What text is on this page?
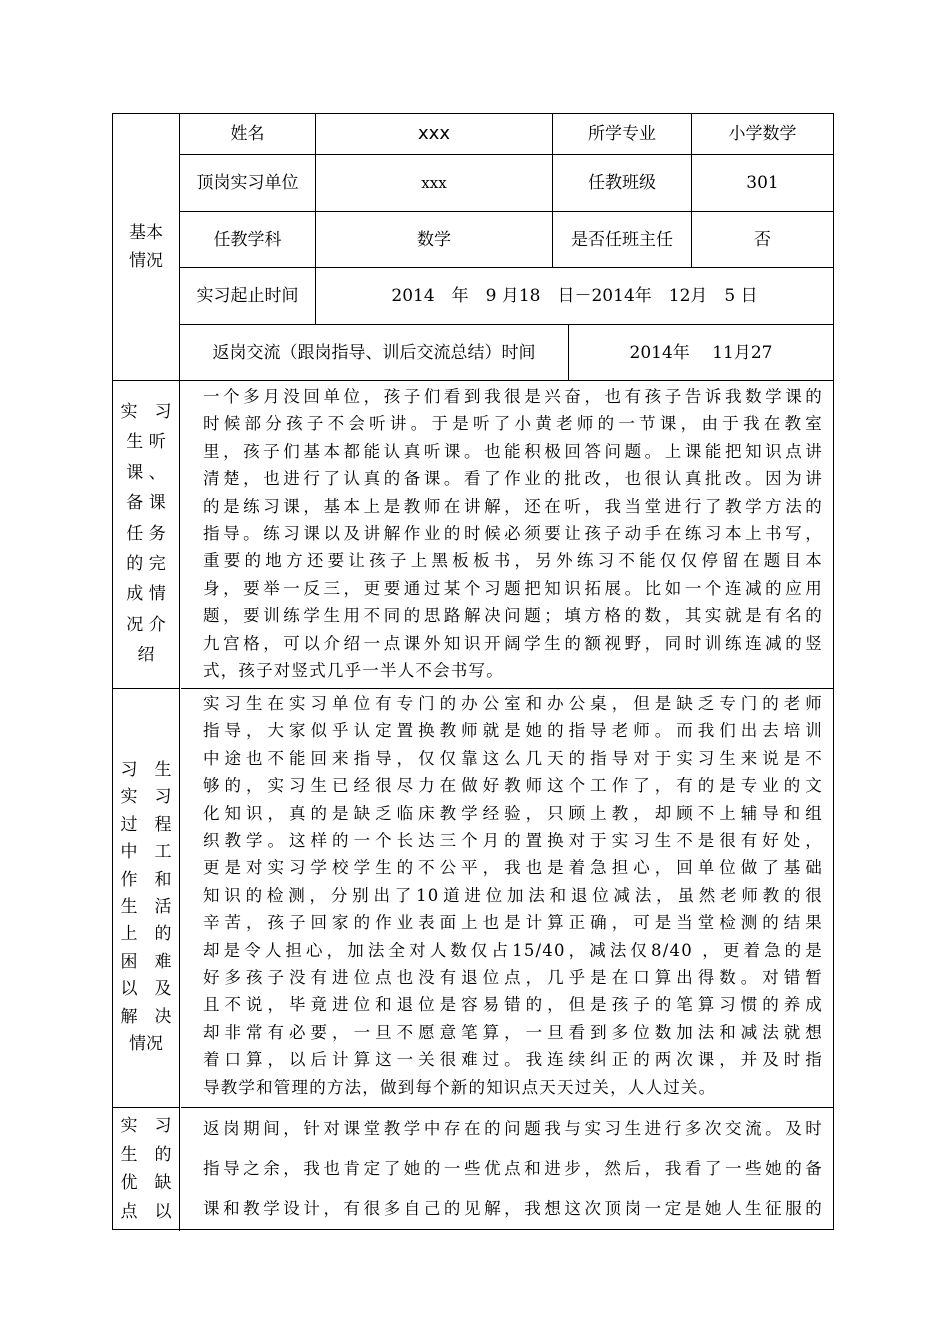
基本
情况
姓名	xxx	所学专业	小学数学
顶岗实习单位	xxx	任教班级	301
任教学科	数学	是否任班主任	否
实习起止时间	2014　年　9 月18　日－2014年　12月　5 日
返岗交流（跟岗指导、训后交流总结）时间	2014年　 11月27
实　习
生 听
课 、
备 课
任 务
的 完
成 情
况 介
绍
一个多月没回单位，孩子们看到我很是兴奋，也有孩子告诉我数学课的
时候部分孩子不会听讲。于是听了小黄老师的一节课，由于我在教室
里，孩子们基本都能认真听课。也能积极回答问题。上课能把知识点讲
清楚，也进行了认真的备课。看了作业的批改，也很认真批改。因为讲
的是练习课，基本上是教师在讲解，还在听，我当堂进行了教学方法的
指导。练习课以及讲解作业的时候必须要让孩子动手在练习本上书写，
重要的地方还要让孩子上黑板板书，另外练习不能仅仅停留在题目本
身，要举一反三，更要通过某个习题把知识拓展。比如一个连减的应用
题，要训练学生用不同的思路解决问题；填方格的数，其实就是有名的
九宫格，可以介绍一点课外知识开阔学生的额视野，同时训练连减的竖
式，孩子对竖式几乎一半人不会书写。
习　生
实　习
过　程
中　工
作　和
生　活
上　的
困　难
以　及
解　决
情况
实习生在实习单位有专门的办公室和办公桌，但是缺乏专门的老师
指导，大家似乎认定置换教师就是她的指导老师。而我们出去培训
中途也不能回来指导，仅仅靠这么几天的指导对于实习生来说是不
够的，实习生已经很尽力在做好教师这个工作了，有的是专业的文
化知识，真的是缺乏临床教学经验，只顾上教，却顾不上辅导和组
织教学。这样的一个长达三个月的置换对于实习生不是很有好处，
更是对实习学校学生的不公平，我也是着急担心，回单位做了基础
知识的检测，分别出了10道进位加法和退位减法，虽然老师教的很
辛苦，孩子回家的作业表面上也是计算正确，可是当堂检测的结果
却是令人担心，加法全对人数仅占15/40，减法仅8/40 ，更着急的是
好多孩子没有进位点也没有退位点，几乎是在口算出得数。对错暂
且不说，毕竟进位和退位是容易错的，但是孩子的笔算习惯的养成
却非常有必要，一旦不愿意笔算，一旦看到多位数加法和减法就想
着口算，以后计算这一关很难过。我连续纠正的两次课，并及时指
导教学和管理的方法，做到每个新的知识点天天过关，人人过关。
实　习
生　的
优　缺
点　以
返岗期间，针对课堂教学中存在的问题我与实习生进行多次交流。及时
指导之余，我也肯定了她的一些优点和进步，然后，我看了一些她的备
课和教学设计，有很多自己的见解，我想这次顶岗一定是她人生征服的
